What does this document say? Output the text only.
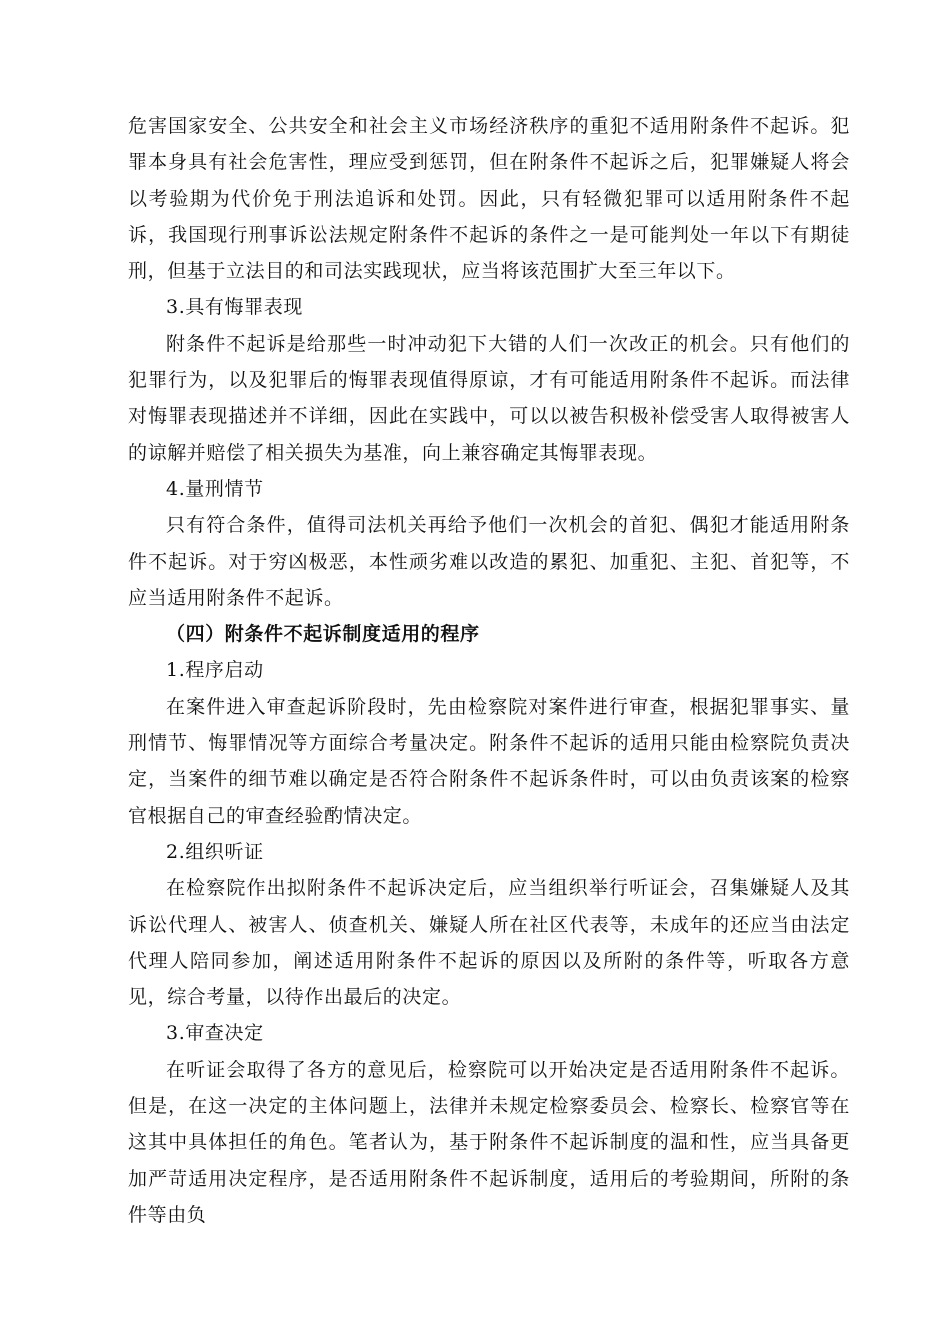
危害国家安全、公共安全和社会主义市场经济秩序的重犯不适用附条件不起诉。犯罪本身具有社会危害性，理应受到惩罚，但在附条件不起诉之后，犯罪嫌疑人将会以考验期为代价免于刑法追诉和处罚。因此，只有轻微犯罪可以适用附条件不起诉，我国现行刑事诉讼法规定附条件不起诉的条件之一是可能判处一年以下有期徒刑，但基于立法目的和司法实践现状，应当将该范围扩大至三年以下。

3.具有悔罪表现

附条件不起诉是给那些一时冲动犯下大错的人们一次改正的机会。只有他们的犯罪行为，以及犯罪后的悔罪表现值得原谅，才有可能适用附条件不起诉。而法律对悔罪表现描述并不详细，因此在实践中，可以以被告积极补偿受害人取得被害人的谅解并赔偿了相关损失为基准，向上兼容确定其悔罪表现。

4.量刑情节

只有符合条件，值得司法机关再给予他们一次机会的首犯、偶犯才能适用附条件不起诉。对于穷凶极恶，本性顽劣难以改造的累犯、加重犯、主犯、首犯等，不应当适用附条件不起诉。

（四）附条件不起诉制度适用的程序

1.程序启动

在案件进入审查起诉阶段时，先由检察院对案件进行审查，根据犯罪事实、量刑情节、悔罪情况等方面综合考量决定。附条件不起诉的适用只能由检察院负责决定，当案件的细节难以确定是否符合附条件不起诉条件时，可以由负责该案的检察官根据自己的审查经验酌情决定。

2.组织听证

在检察院作出拟附条件不起诉决定后，应当组织举行听证会，召集嫌疑人及其诉讼代理人、被害人、侦查机关、嫌疑人所在社区代表等，未成年的还应当由法定代理人陪同参加，阐述适用附条件不起诉的原因以及所附的条件等，听取各方意见，综合考量，以待作出最后的决定。

3.审查决定

在听证会取得了各方的意见后，检察院可以开始决定是否适用附条件不起诉。但是，在这一决定的主体问题上，法律并未规定检察委员会、检察长、检察官等在这其中具体担任的角色。笔者认为，基于附条件不起诉制度的温和性，应当具备更加严苛适用决定程序，是否适用附条件不起诉制度，适用后的考验期间，所附的条件等由负
